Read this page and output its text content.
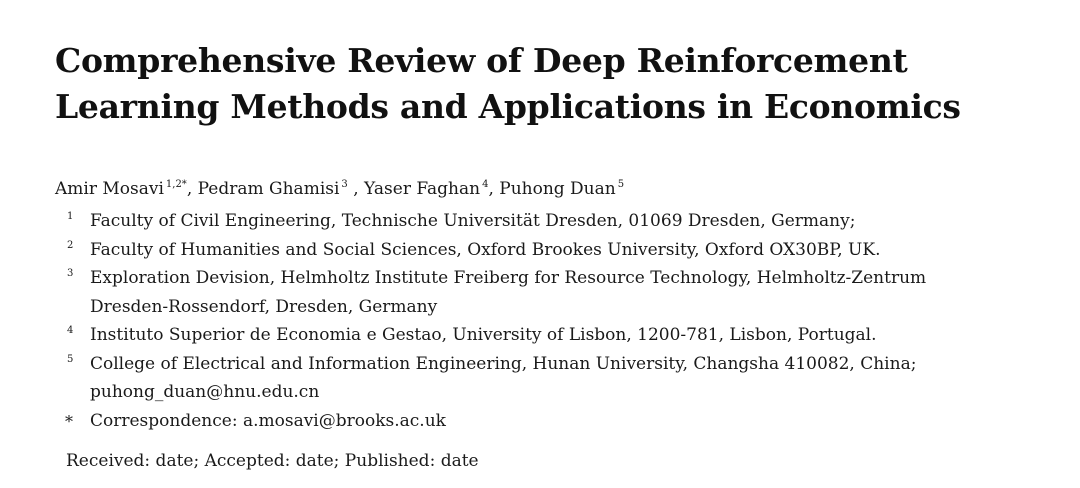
Comprehensive Review of Deep Reinforcement
Learning Methods and Applications in Economics
Amir Mosavi $^{1,2*}$, Pedram Ghamisi $^3$ , Yaser Faghan $^4$, Puhong Duan $^5$
1 Faculty of Civil Engineering, Technische Universität Dresden, 01069 Dresden, Germany;
2 Faculty of Humanities and Social Sciences, Oxford Brookes University, Oxford OX30BP, UK.
3 Exploration Devision, Helmholtz Institute Freiberg for Resource Technology, Helmholtz-Zentrum
Dresden-Rossendorf, Dresden, Germany
4 Instituto Superior de Economia e Gestao, University of Lisbon, 1200-781, Lisbon, Portugal.
5 College of Electrical and Information Engineering, Hunan University, Changsha 410082, China;
puhong_duan@hnu.edu.cn
* Correspondence: a.mosavi@brooks.ac.uk
Received: date; Accepted: date; Published: date
